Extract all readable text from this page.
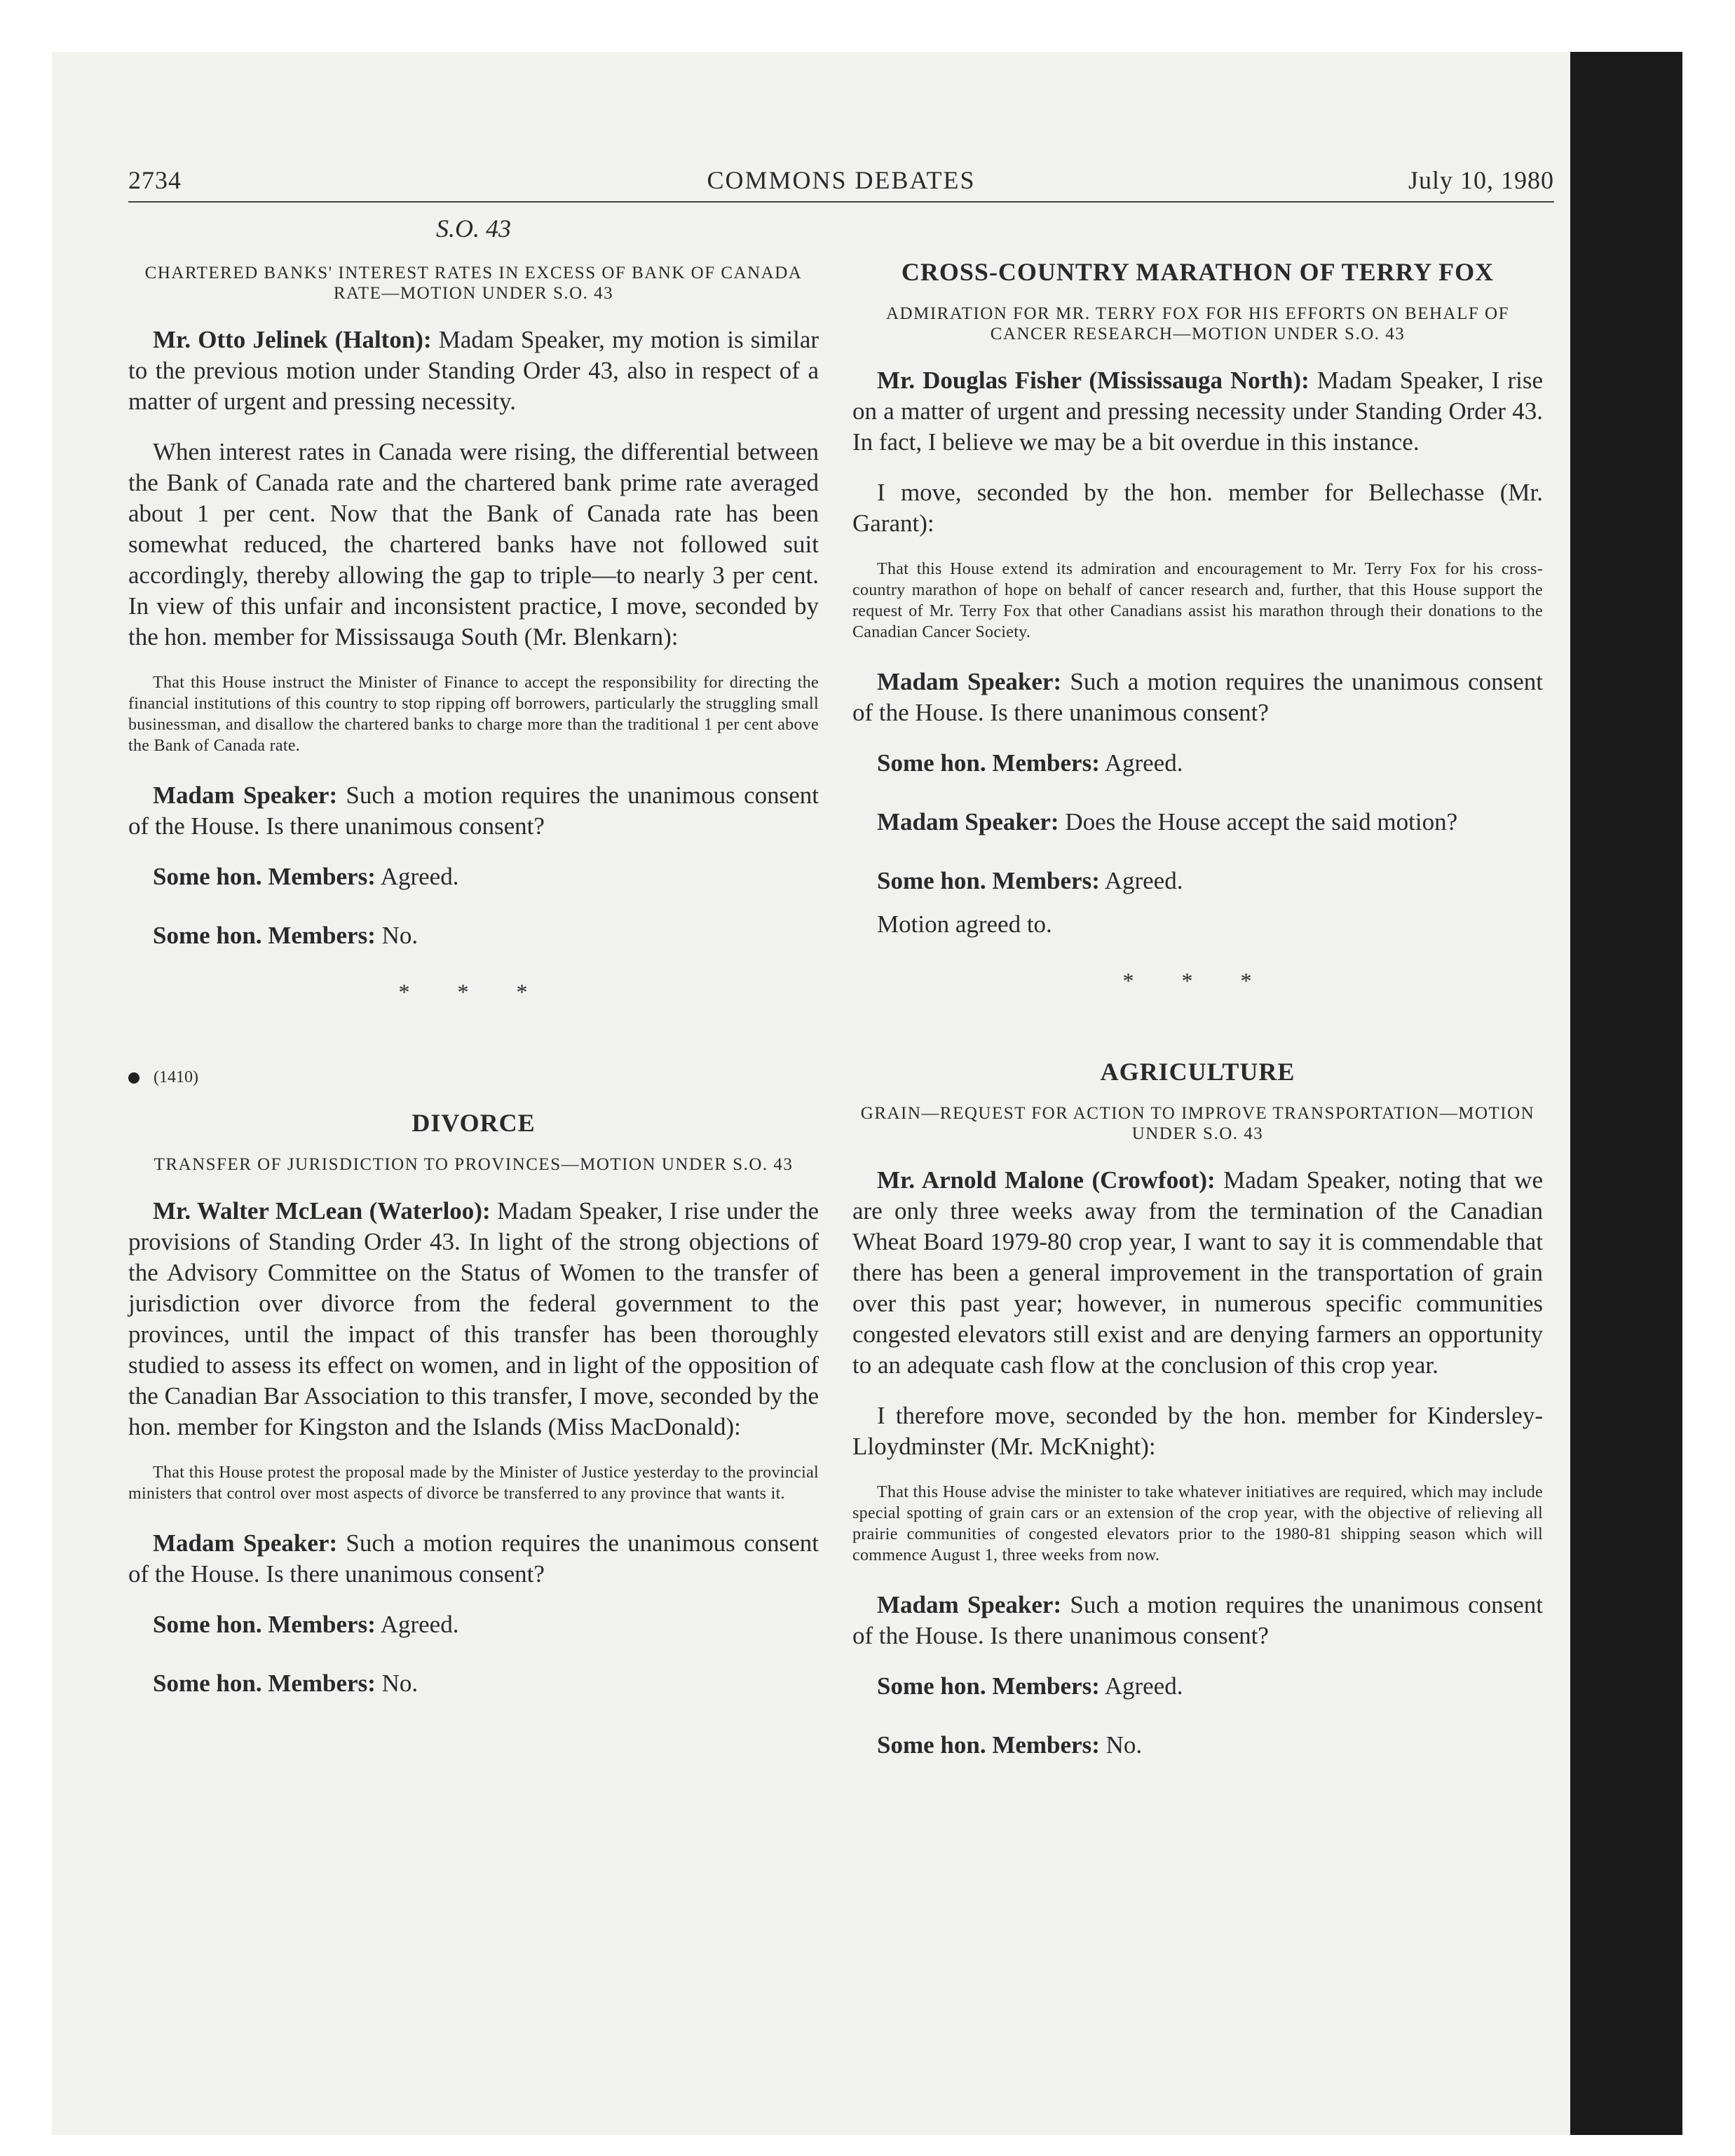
COMMONS DEBATES
2734	July 10, 1980
S.O. 43
CHARTERED BANKS' INTEREST RATES IN EXCESS OF BANK OF CANADA RATE—MOTION UNDER S.O. 43

Mr. Otto Jelinek (Halton): Madam Speaker, my motion is similar to the previous motion under Standing Order 43, also in respect of a matter of urgent and pressing necessity.

When interest rates in Canada were rising, the differential between the Bank of Canada rate and the chartered bank prime rate averaged about 1 per cent. Now that the Bank of Canada rate has been somewhat reduced, the chartered banks have not followed suit accordingly, thereby allowing the gap to triple—to nearly 3 per cent. In view of this unfair and inconsistent practice, I move, seconded by the hon. member for Mississauga South (Mr. Blenkarn):

That this House instruct the Minister of Finance to accept the responsibility for directing the financial institutions of this country to stop ripping off borrowers, particularly the struggling small businessman, and disallow the chartered banks to charge more than the traditional 1 per cent above the Bank of Canada rate.

Madam Speaker: Such a motion requires the unanimous consent of the House. Is there unanimous consent?

Some hon. Members: Agreed.

Some hon. Members: No.

* * *
(1410)
DIVORCE
TRANSFER OF JURISDICTION TO PROVINCES—MOTION UNDER S.O. 43

Mr. Walter McLean (Waterloo): Madam Speaker, I rise under the provisions of Standing Order 43. In light of the strong objections of the Advisory Committee on the Status of Women to the transfer of jurisdiction over divorce from the federal government to the provinces, until the impact of this transfer has been thoroughly studied to assess its effect on women, and in light of the opposition of the Canadian Bar Association to this transfer, I move, seconded by the hon. member for Kingston and the Islands (Miss MacDonald):

That this House protest the proposal made by the Minister of Justice yesterday to the provincial ministers that control over most aspects of divorce be transferred to any province that wants it.

Madam Speaker: Such a motion requires the unanimous consent of the House. Is there unanimous consent?

Some hon. Members: Agreed.

Some hon. Members: No.

CROSS-COUNTRY MARATHON OF TERRY FOX
ADMIRATION FOR MR. TERRY FOX FOR HIS EFFORTS ON BEHALF OF CANCER RESEARCH—MOTION UNDER S.O. 43

Mr. Douglas Fisher (Mississauga North): Madam Speaker, I rise on a matter of urgent and pressing necessity under Standing Order 43. In fact, I believe we may be a bit overdue in this instance.

I move, seconded by the hon. member for Bellechasse (Mr. Garant):

That this House extend its admiration and encouragement to Mr. Terry Fox for his cross-country marathon of hope on behalf of cancer research and, further, that this House support the request of Mr. Terry Fox that other Canadians assist his marathon through their donations to the Canadian Cancer Society.

Madam Speaker: Such a motion requires the unanimous consent of the House. Is there unanimous consent?

Some hon. Members: Agreed.

Madam Speaker: Does the House accept the said motion?

Some hon. Members: Agreed.

Motion agreed to.

* * *
AGRICULTURE
GRAIN—REQUEST FOR ACTION TO IMPROVE TRANSPORTATION—MOTION UNDER S.O. 43

Mr. Arnold Malone (Crowfoot): Madam Speaker, noting that we are only three weeks away from the termination of the Canadian Wheat Board 1979-80 crop year, I want to say it is commendable that there has been a general improvement in the transportation of grain over this past year; however, in numerous specific communities congested elevators still exist and are denying farmers an opportunity to an adequate cash flow at the conclusion of this crop year.

I therefore move, seconded by the hon. member for Kindersley-Lloydminster (Mr. McKnight):

That this House advise the minister to take whatever initiatives are required, which may include special spotting of grain cars or an extension of the crop year, with the objective of relieving all prairie communities of congested elevators prior to the 1980-81 shipping season which will commence August 1, three weeks from now.

Madam Speaker: Such a motion requires the unanimous consent of the House. Is there unanimous consent?

Some hon. Members: Agreed.

Some hon. Members: No.
